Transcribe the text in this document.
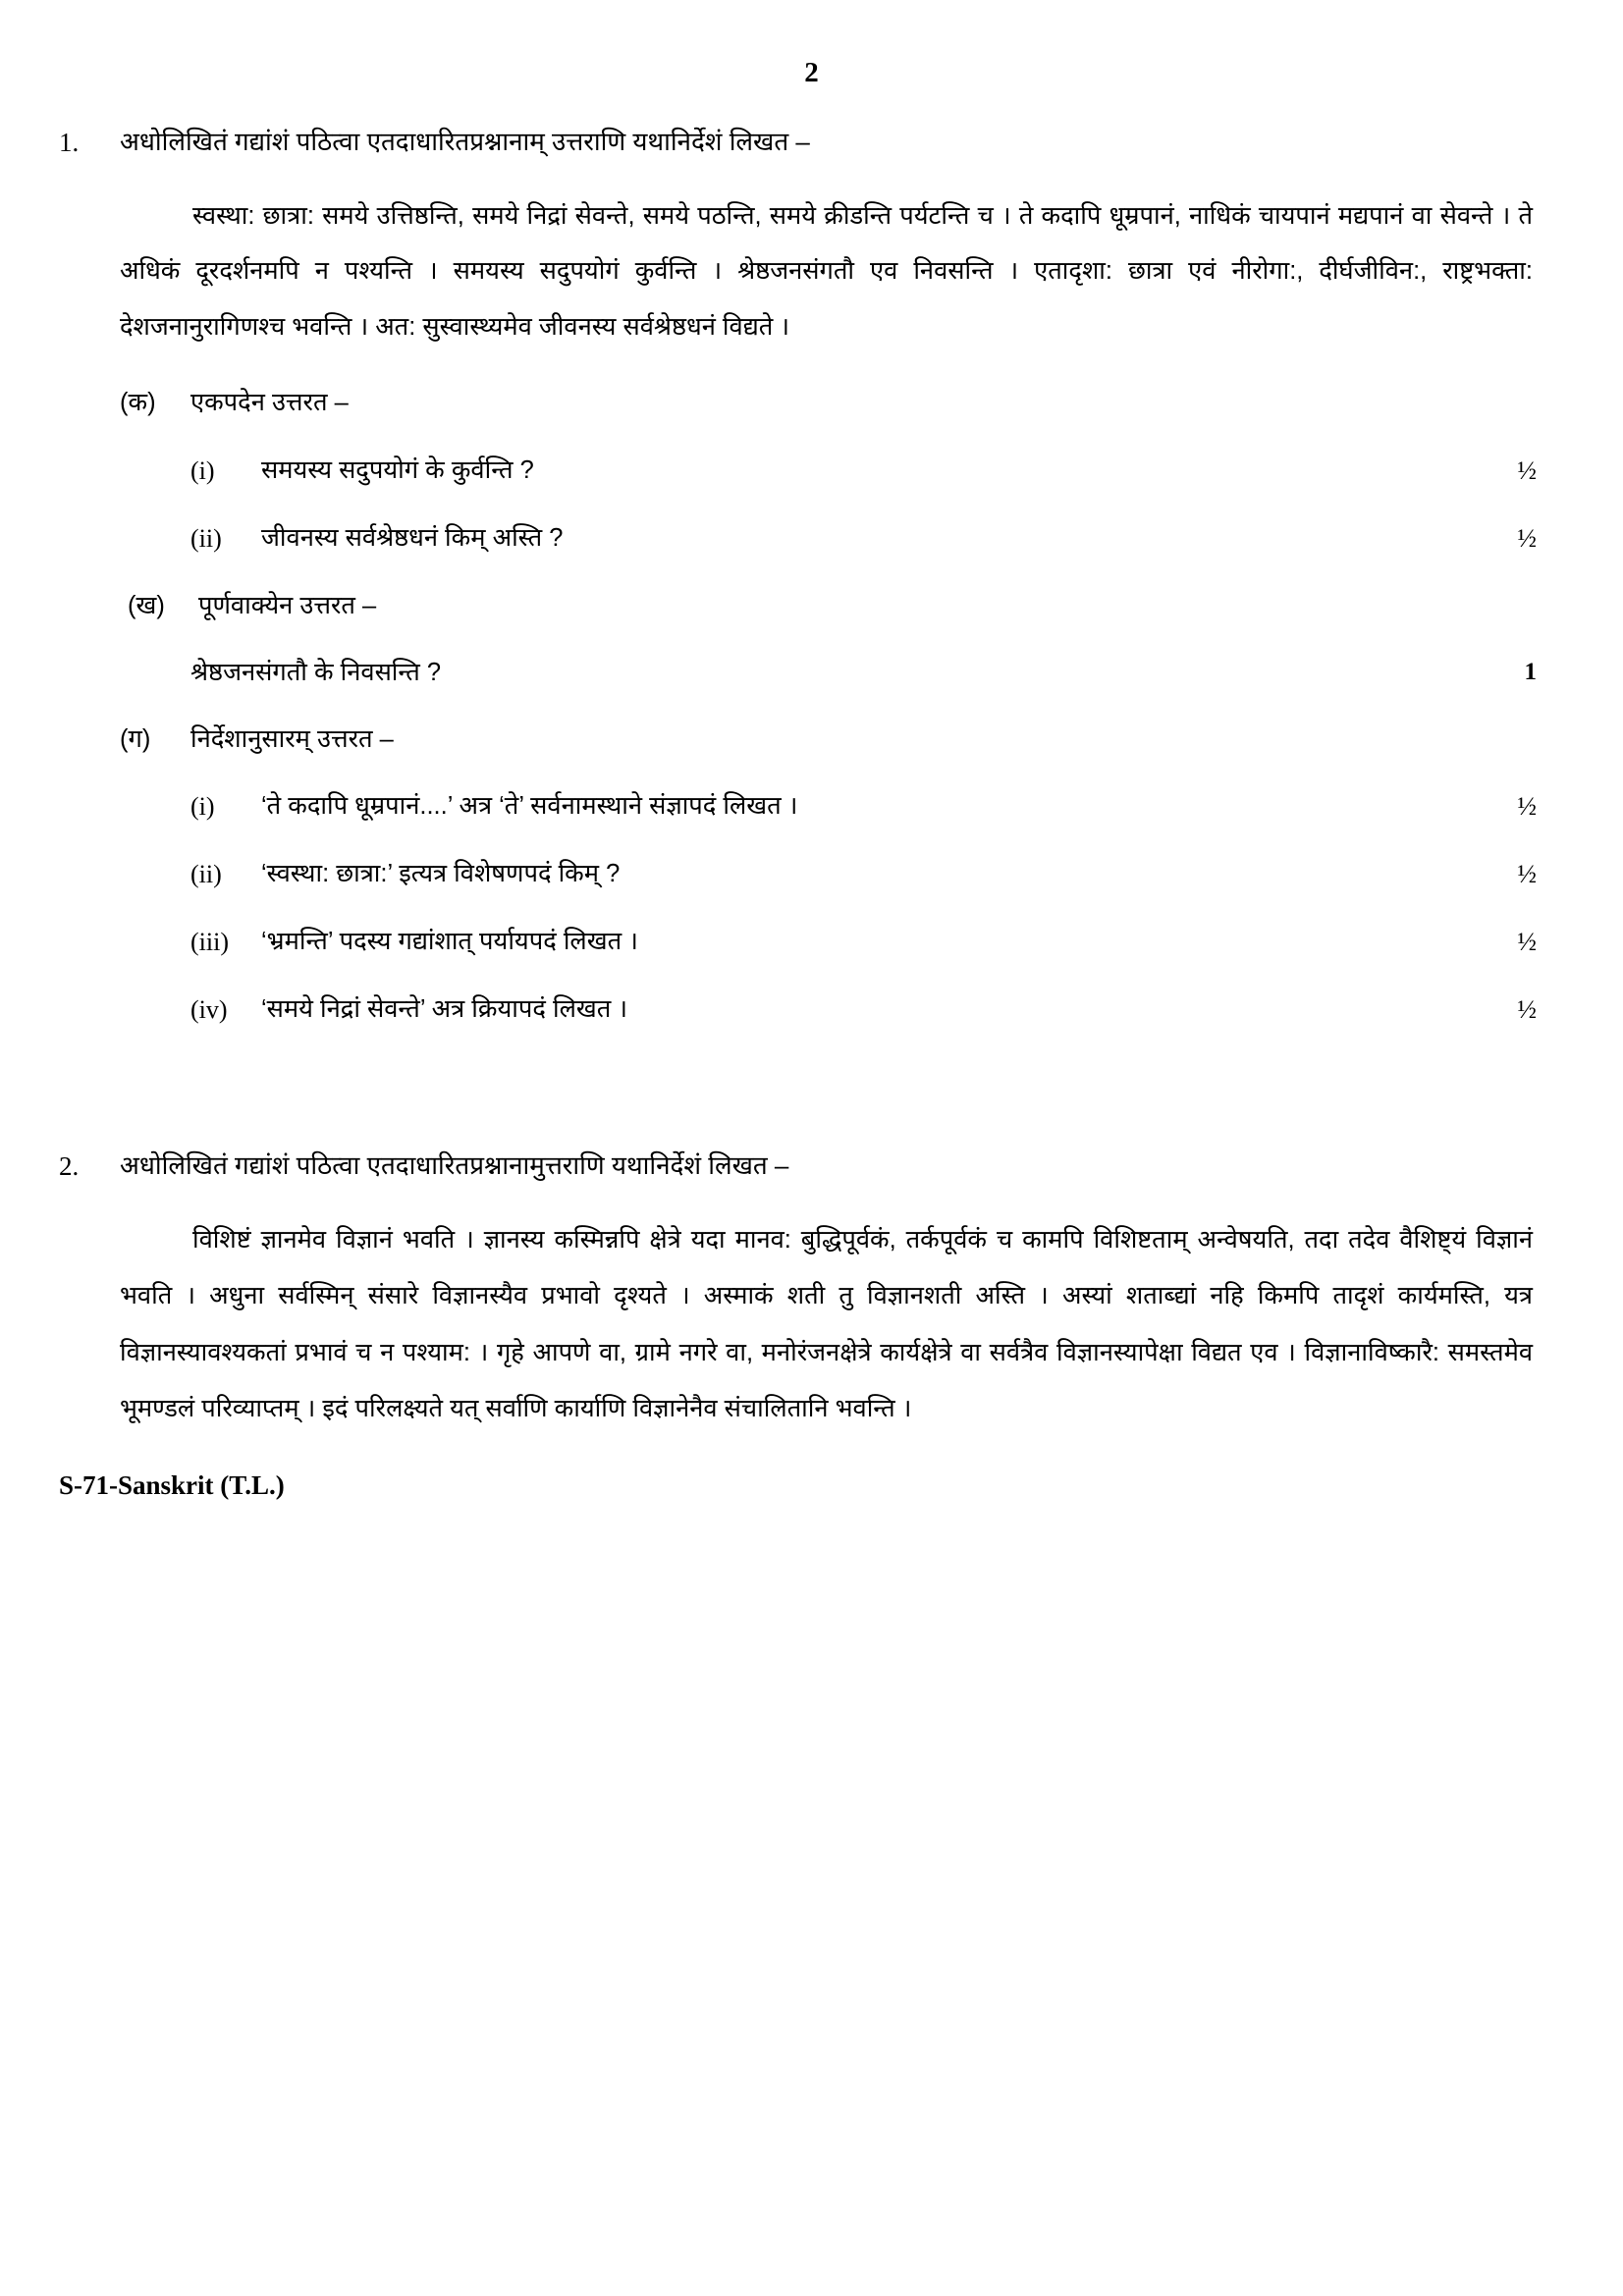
2
1.	अधोलिखितं गद्यांशं पठित्वा एतदाधारितप्रश्नानाम् उत्तराणि यथानिर्देशं लिखत –
स्वस्था: छात्रा: समये उत्तिष्ठन्ति, समये निद्रां सेवन्ते, समये पठन्ति, समये क्रीडन्ति पर्यटन्ति च । ते कदापि धूम्रपानं, नाधिकं चायपानं मद्यपानं वा सेवन्ते । ते अधिकं दूरदर्शनमपि न पश्यन्ति । समयस्य सदुपयोगं कुर्वन्ति । श्रेष्ठजनसंगतौ एव निवसन्ति । एतादृशा: छात्रा एवं नीरोगा:, दीर्घजीविन:, राष्ट्रभक्ता: देशजनानुरागिणश्च भवन्ति । अत: सुस्वास्थ्यमेव जीवनस्य सर्वश्रेष्ठधनं विद्यते ।
(क)	एकपदेन उत्तरत –
(i)	समयस्य सदुपयोगं के कुर्वन्ति ?	½
(ii)	जीवनस्य सर्वश्रेष्ठधनं किम् अस्ति ?	½
(ख)	पूर्णवाक्येन उत्तरत –
श्रेष्ठजनसंगतौ के निवसन्ति ?	1
(ग)	निर्देशानुसारम् उत्तरत –
(i)	‘ते कदापि धूम्रपानं....’ अत्र ‘ते’ सर्वनामस्थाने संज्ञापदं लिखत ।	½
(ii)	‘स्वस्था: छात्रा:’ इत्यत्र विशेषणपदं किम् ?	½
(iii)	‘भ्रमन्ति’ पदस्य गद्यांशात् पर्यायपदं लिखत ।	½
(iv)	‘समये निद्रां सेवन्ते’ अत्र क्रियापदं लिखत ।	½
2.	अधोलिखितं गद्यांशं पठित्वा एतदाधारितप्रश्नानामुत्तराणि यथानिर्देशं लिखत –
विशिष्टं ज्ञानमेव विज्ञानं भवति । ज्ञानस्य कस्मिन्नपि क्षेत्रे यदा मानव: बुद्धिपूर्वकं, तर्कपूर्वकं च कामपि विशिष्टताम् अन्वेषयति, तदा तदेव वैशिष्ट्यं विज्ञानं भवति । अधुना सर्वस्मिन् संसारे विज्ञानस्यैव प्रभावो दृश्यते । अस्माकं शती तु विज्ञानशती अस्ति । अस्यां शताब्द्यां नहि किमपि तादृशं कार्यमस्ति, यत्र विज्ञानस्यावश्यकतां प्रभावं च न पश्याम: । गृहे आपणे वा, ग्रामे नगरे वा, मनोरंजनक्षेत्रे कार्यक्षेत्रे वा सर्वत्रैव विज्ञानस्यापेक्षा विद्यत एव । विज्ञानाविष्कारै: समस्तमेव भूमण्डलं परिव्याप्तम् । इदं परिलक्ष्यते यत् सर्वाणि कार्याणि विज्ञानेनैव संचालितानि भवन्ति ।
S-71-Sanskrit (T.L.)
